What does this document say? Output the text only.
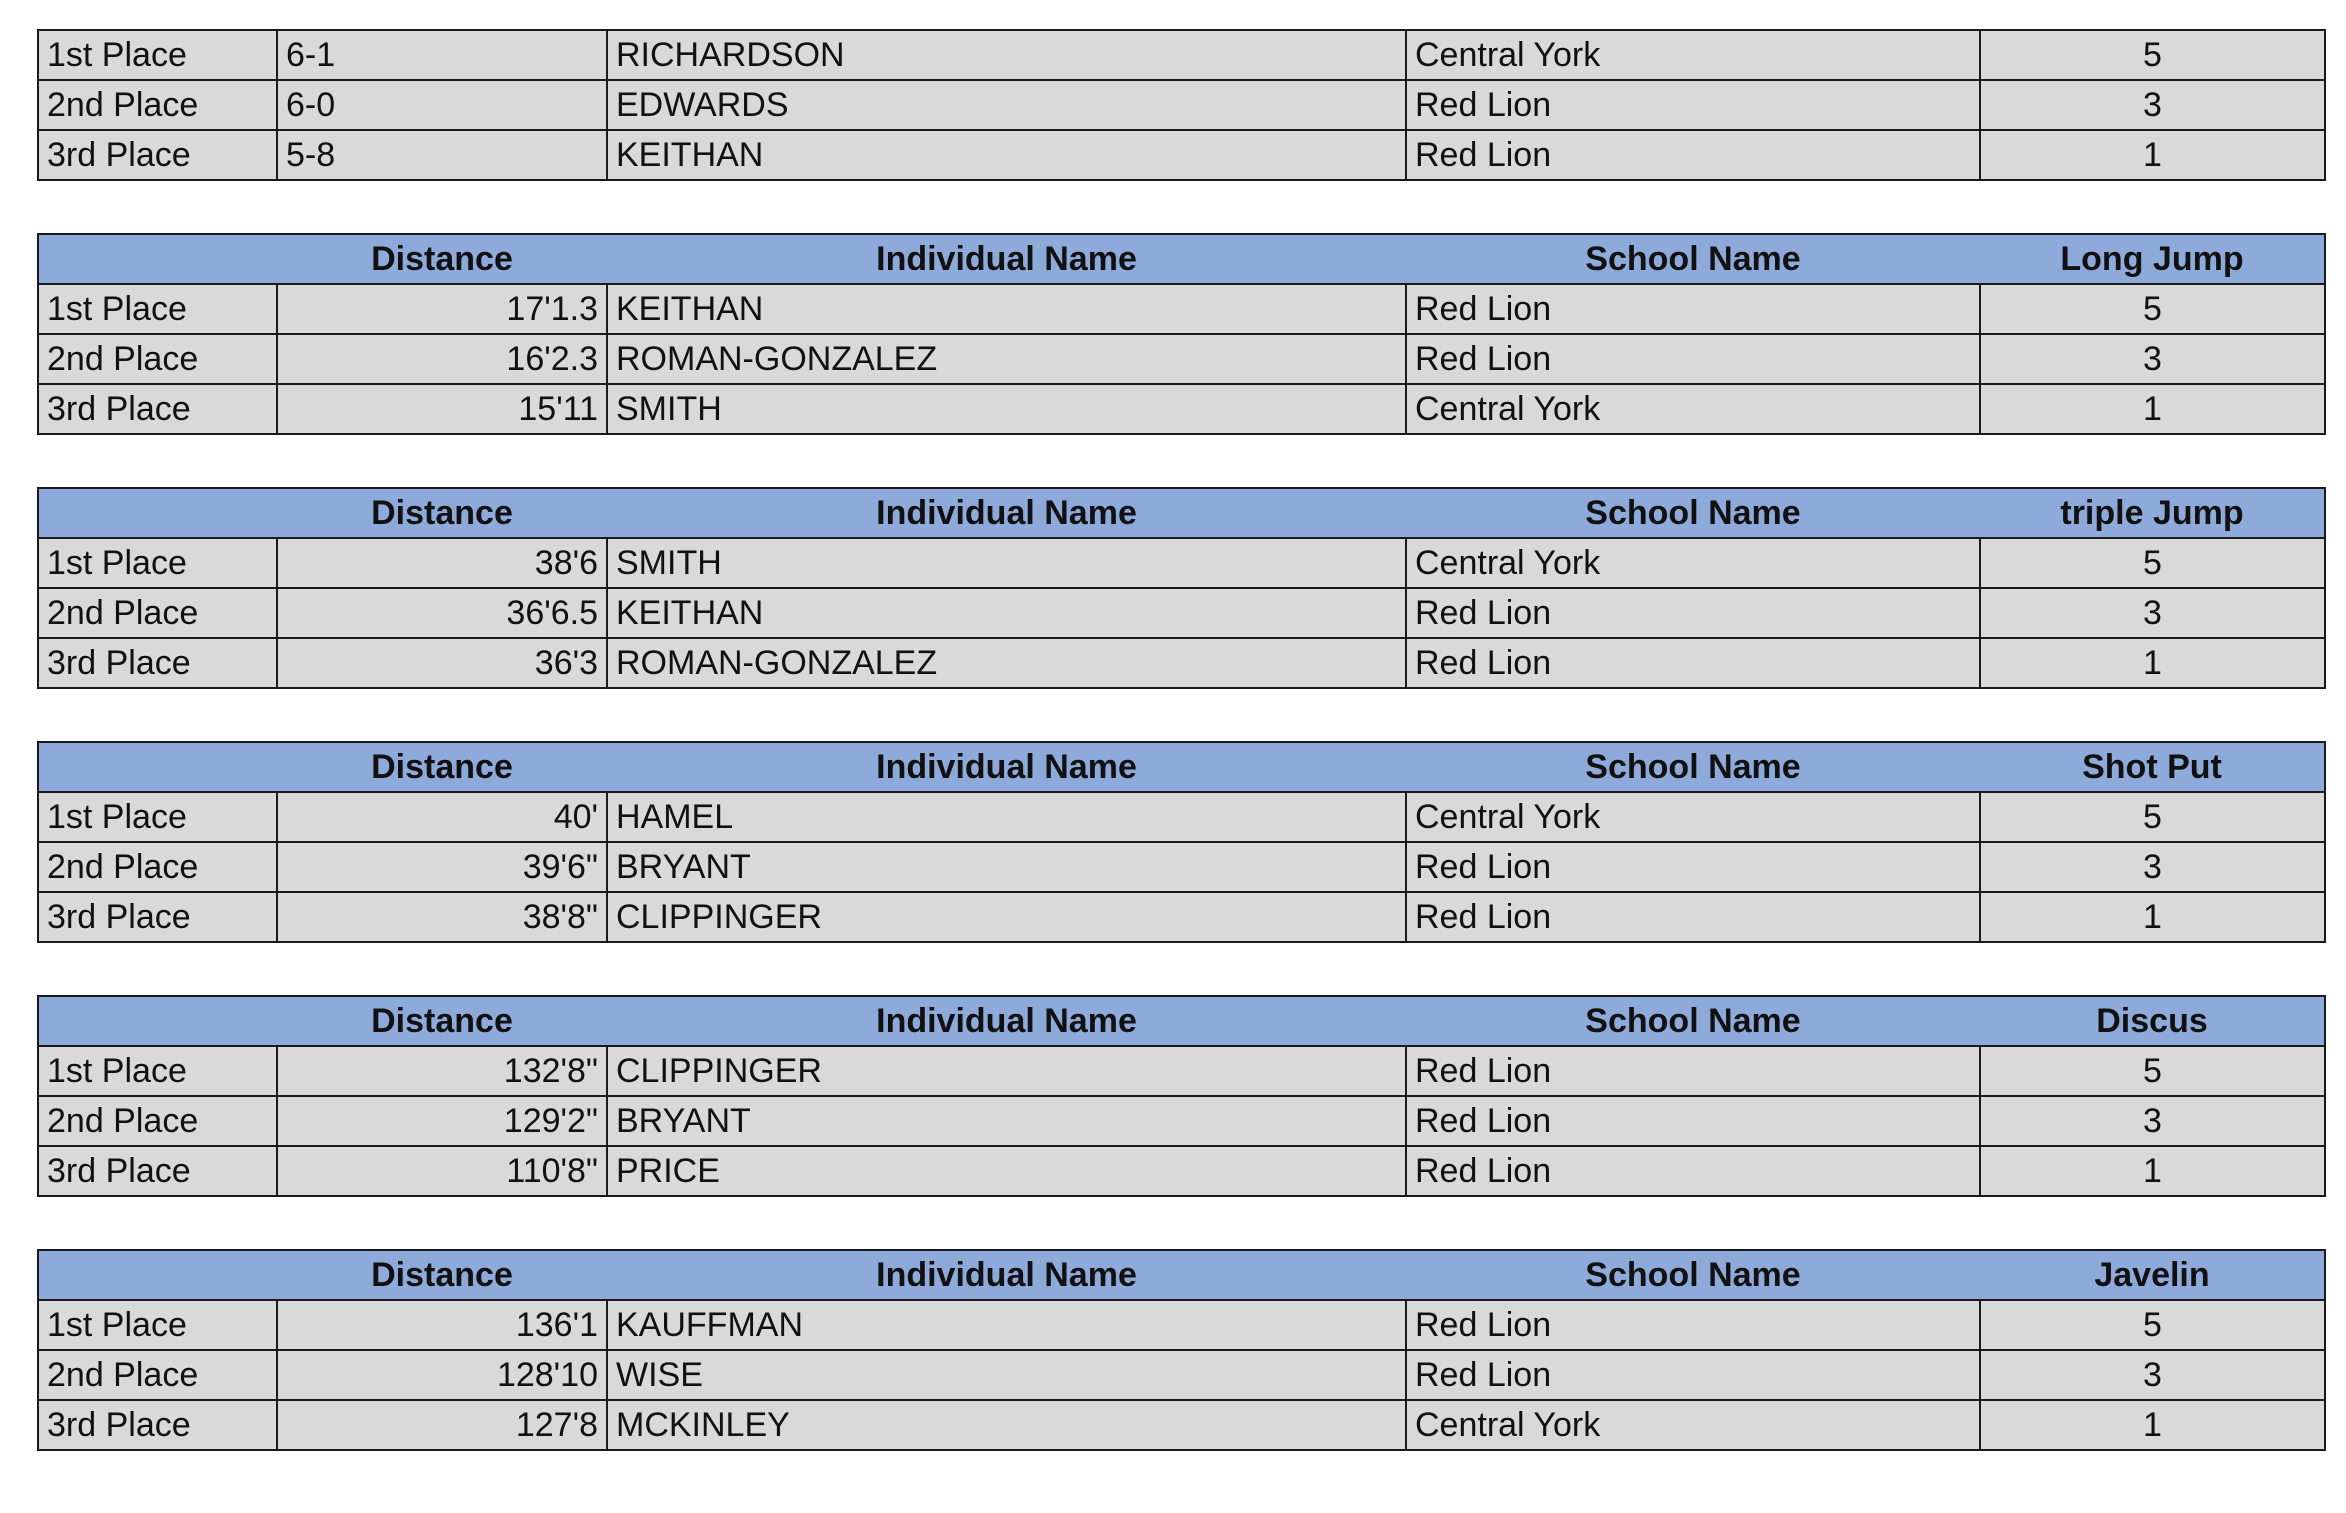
1st Place	6-1	RICHARDSON	Central York	5
2nd Place	6-0	EDWARDS	Red Lion	3
3rd Place	5-8	KEITHAN	Red Lion	1
	Distance	Individual Name	School Name	Long Jump
1st Place	17'1.3	KEITHAN	Red Lion	5
2nd Place	16'2.3	ROMAN-GONZALEZ	Red Lion	3
3rd Place	15'11	SMITH	Central York	1
	Distance	Individual Name	School Name	triple Jump
1st Place	38'6	SMITH	Central York	5
2nd Place	36'6.5	KEITHAN	Red Lion	3
3rd Place	36'3	ROMAN-GONZALEZ	Red Lion	1
	Distance	Individual Name	School Name	Shot Put
1st Place	40'	HAMEL	Central York	5
2nd Place	39'6"	BRYANT	Red Lion	3
3rd Place	38'8"	CLIPPINGER	Red Lion	1
	Distance	Individual Name	School Name	Discus
1st Place	132'8"	CLIPPINGER	Red Lion	5
2nd Place	129'2"	BRYANT	Red Lion	3
3rd Place	110'8"	PRICE	Red Lion	1
	Distance	Individual Name	School Name	Javelin
1st Place	136'1	KAUFFMAN	Red Lion	5
2nd Place	128'10	WISE	Red Lion	3
3rd Place	127'8	MCKINLEY	Central York	1
